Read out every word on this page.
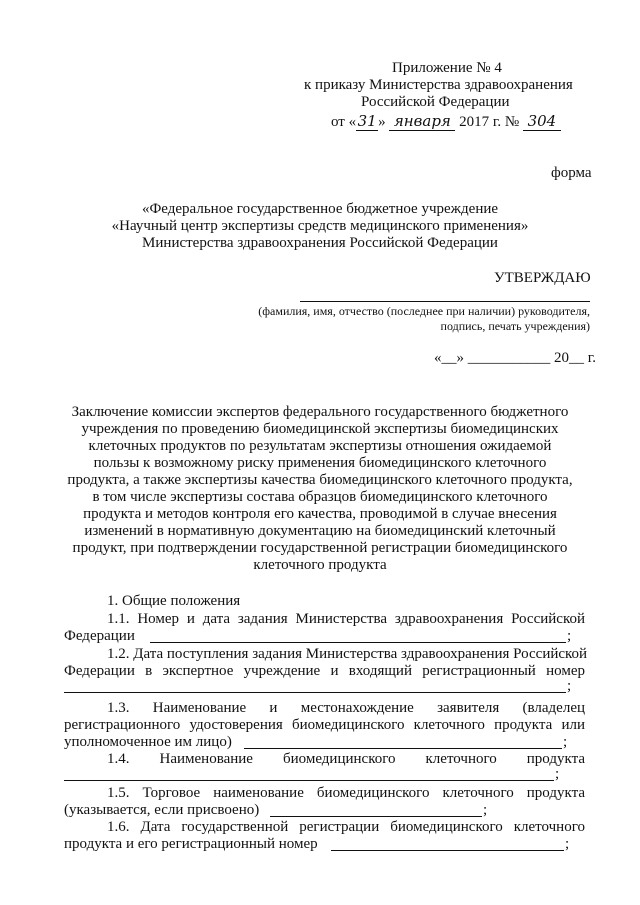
Приложение № 4
к приказу Министерства здравоохранения
Российской Федерации
от «31» января 2017 г. № 304
форма
«Федеральное государственное бюджетное учреждение
«Научный центр экспертизы средств медицинского применения»
Министерства здравоохранения Российской Федерации
УТВЕРЖДАЮ
(фамилия, имя, отчество (последнее при наличии) руководителя,
подпись, печать учреждения)
«__» ___________ 20__ г.
Заключение комиссии экспертов федерального государственного бюджетного
учреждения по проведению биомедицинской экспертизы биомедицинских
клеточных продуктов по результатам экспертизы отношения ожидаемой
пользы к возможному риску применения биомедицинского клеточного
продукта, а также экспертизы качества биомедицинского клеточного продукта,
в том числе экспертизы состава образцов биомедицинского клеточного
продукта и методов контроля его качества, проводимой в случае внесения
изменений в нормативную документацию на биомедицинский клеточный
продукт, при подтверждении государственной регистрации биомедицинского
клеточного продукта
1. Общие положения
1.1. Номер и дата задания Министерства здравоохранения Российской
Федерации	;
1.2. Дата поступления задания Министерства здравоохранения Российской
Федерации в экспертное учреждение и входящий регистрационный номер
;
1.3. Наименование и местонахождение заявителя (владелец
регистрационного удостоверения биомедицинского клеточного продукта или
уполномоченное им лицо)	;
1.4. Наименование биомедицинского клеточного продукта
;
1.5. Торговое наименование биомедицинского клеточного продукта
(указывается, если присвоено)	;
1.6. Дата государственной регистрации биомедицинского клеточного
продукта и его регистрационный номер	;
